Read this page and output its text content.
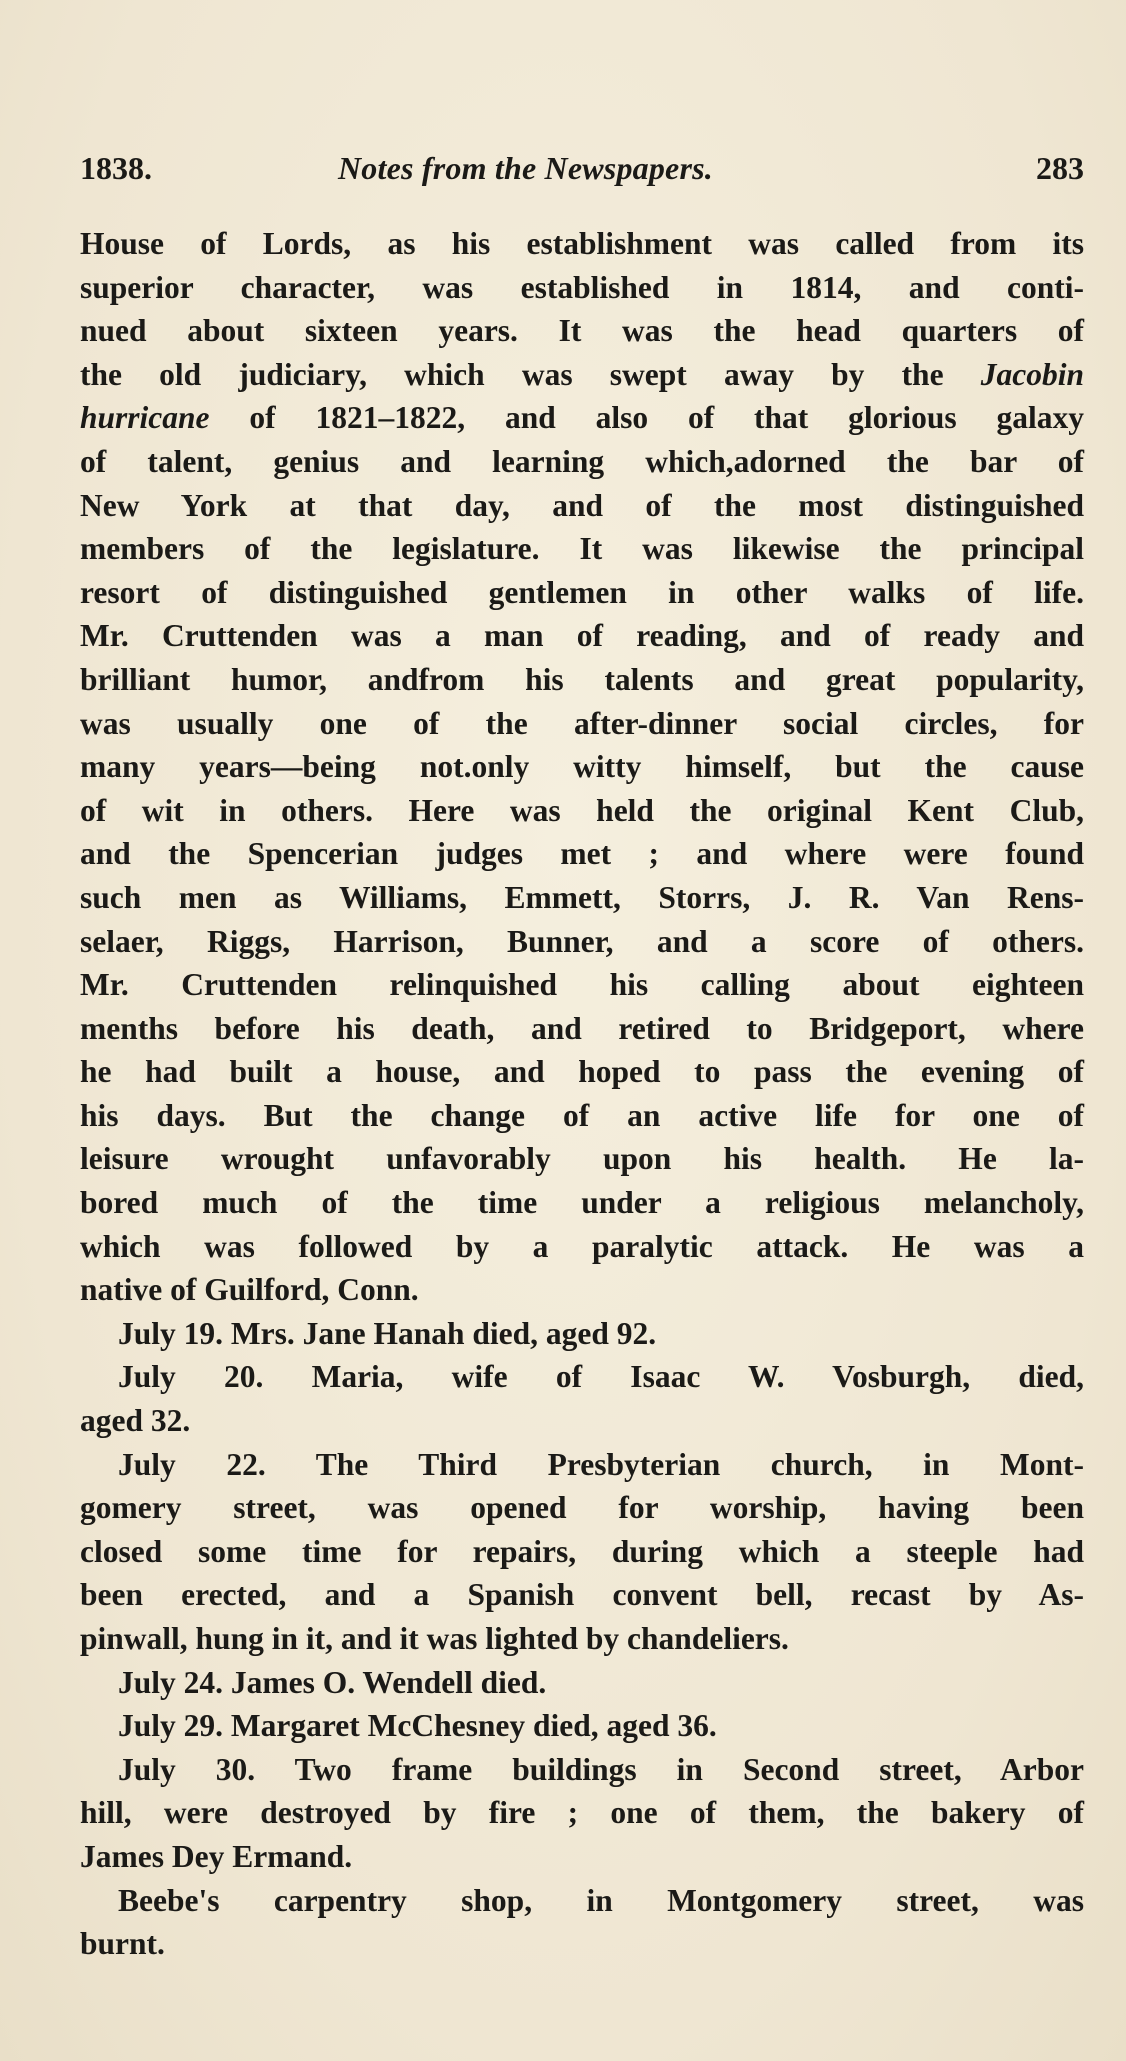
1838.	Notes from the Newspapers.	283
House of Lords, as his establishment was called from its
superior character, was established in 1814, and conti-
nued about sixteen years. It was the head quarters of
the old judiciary, which was swept away by the Jacobin
hurricane of 1821–1822, and also of that glorious galaxy
of talent, genius and learning which,adorned the bar of
New York at that day, and of the most distinguished
members of the legislature. It was likewise the principal
resort of distinguished gentlemen in other walks of life.
Mr. Cruttenden was a man of reading, and of ready and
brilliant humor, andfrom his talents and great popularity,
was usually one of the after-dinner social circles, for
many years—being not.only witty himself, but the cause
of wit in others. Here was held the original Kent Club,
and the Spencerian judges met ; and where were found
such men as Williams, Emmett, Storrs, J. R. Van Rens-
selaer, Riggs, Harrison, Bunner, and a score of others.
Mr. Cruttenden relinquished his calling about eighteen
menths before his death, and retired to Bridgeport, where
he had built a house, and hoped to pass the evening of
his days. But the change of an active life for one of
leisure wrought unfavorably upon his health. He la-
bored much of the time under a religious melancholy,
which was followed by a paralytic attack. He was a
native of Guilford, Conn.
July 19. Mrs. Jane Hanah died, aged 92.
July 20. Maria, wife of Isaac W. Vosburgh, died,
aged 32.
July 22. The Third Presbyterian church, in Mont-
gomery street, was opened for worship, having been
closed some time for repairs, during which a steeple had
been erected, and a Spanish convent bell, recast by As-
pinwall, hung in it, and it was lighted by chandeliers.
July 24. James O. Wendell died.
July 29. Margaret McChesney died, aged 36.
July 30. Two frame buildings in Second street, Arbor
hill, were destroyed by fire ; one of them, the bakery of
James Dey Ermand.
Beebe's carpentry shop, in Montgomery street, was
burnt.
